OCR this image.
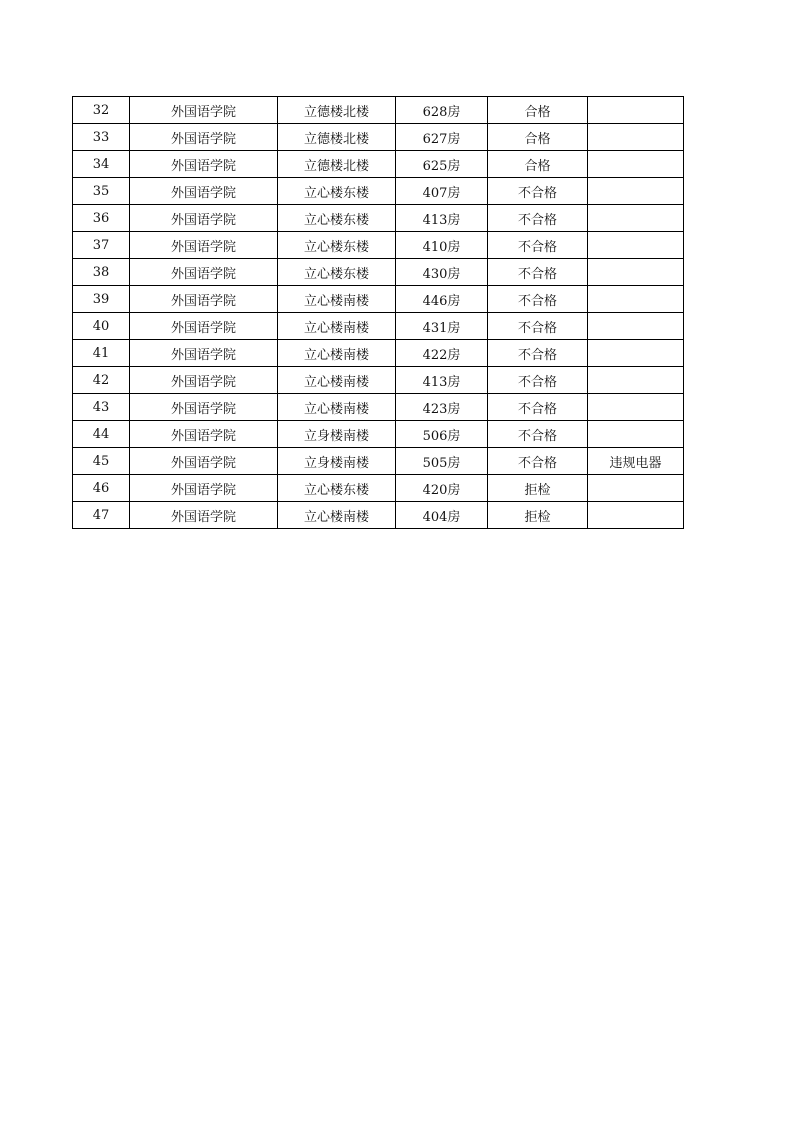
32	外国语学院	立德楼北楼	628房	合格	
33	外国语学院	立德楼北楼	627房	合格	
34	外国语学院	立德楼北楼	625房	合格	
35	外国语学院	立心楼东楼	407房	不合格	
36	外国语学院	立心楼东楼	413房	不合格	
37	外国语学院	立心楼东楼	410房	不合格	
38	外国语学院	立心楼东楼	430房	不合格	
39	外国语学院	立心楼南楼	446房	不合格	
40	外国语学院	立心楼南楼	431房	不合格	
41	外国语学院	立心楼南楼	422房	不合格	
42	外国语学院	立心楼南楼	413房	不合格	
43	外国语学院	立心楼南楼	423房	不合格	
44	外国语学院	立身楼南楼	506房	不合格	
45	外国语学院	立身楼南楼	505房	不合格	违规电器
46	外国语学院	立心楼东楼	420房	拒检	
47	外国语学院	立心楼南楼	404房	拒检	
